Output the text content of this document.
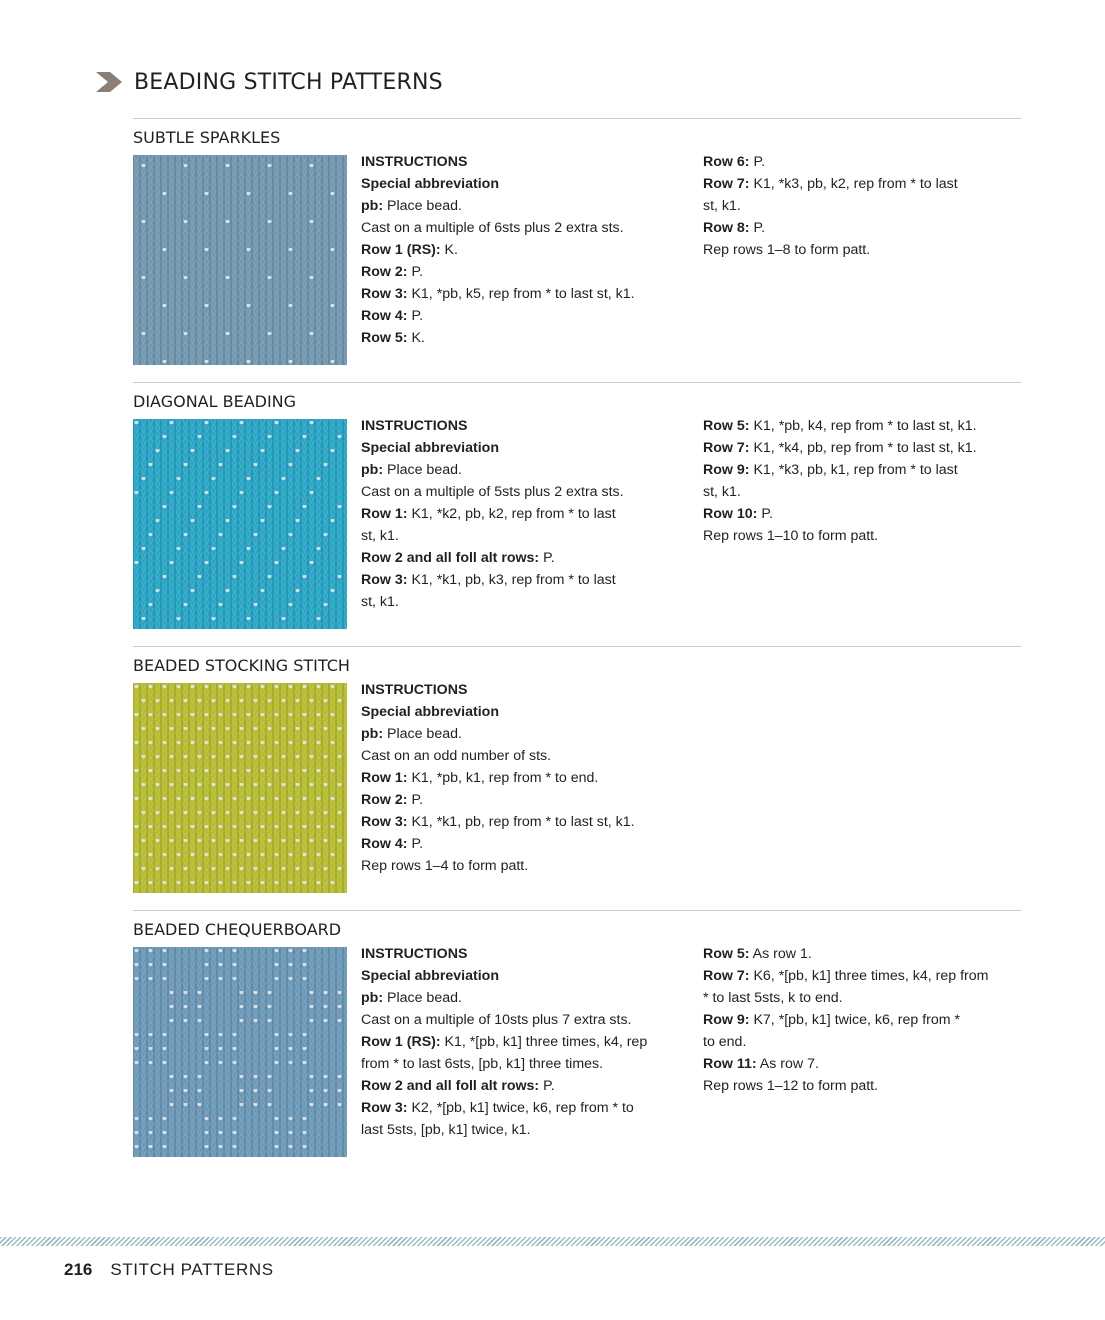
BEADING STITCH PATTERNS
SUBTLE SPARKLES
INSTRUCTIONS
Special abbreviation
pb: Place bead.
Cast on a multiple of 6sts plus 2 extra sts.
Row 1 (RS): K.
Row 2: P.
Row 3: K1, *pb, k5, rep from * to last st, k1.
Row 4: P.
Row 5: K.
Row 6: P.
Row 7: K1, *k3, pb, k2, rep from * to last
st, k1.
Row 8: P.
Rep rows 1–8 to form patt.
DIAGONAL BEADING
INSTRUCTIONS
Special abbreviation
pb: Place bead.
Cast on a multiple of 5sts plus 2 extra sts.
Row 1: K1, *k2, pb, k2, rep from * to last
st, k1.
Row 2 and all foll alt rows: P.
Row 3: K1, *k1, pb, k3, rep from * to last
st, k1.
Row 5: K1, *pb, k4, rep from * to last st, k1.
Row 7: K1, *k4, pb, rep from * to last st, k1.
Row 9: K1, *k3, pb, k1, rep from * to last
st, k1.
Row 10: P.
Rep rows 1–10 to form patt.
BEADED STOCKING STITCH
INSTRUCTIONS
Special abbreviation
pb: Place bead.
Cast on an odd number of sts.
Row 1: K1, *pb, k1, rep from * to end.
Row 2: P.
Row 3: K1, *k1, pb, rep from * to last st, k1.
Row 4: P.
Rep rows 1–4 to form patt.
BEADED CHEQUERBOARD
INSTRUCTIONS
Special abbreviation
pb: Place bead.
Cast on a multiple of 10sts plus 7 extra sts.
Row 1 (RS): K1, *[pb, k1] three times, k4, rep
from * to last 6sts, [pb, k1] three times.
Row 2 and all foll alt rows: P.
Row 3: K2, *[pb, k1] twice, k6, rep from * to
last 5sts, [pb, k1] twice, k1.
Row 5: As row 1.
Row 7: K6, *[pb, k1] three times, k4, rep from
* to last 5sts, k to end.
Row 9: K7, *[pb, k1] twice, k6, rep from *
to end.
Row 11: As row 7.
Rep rows 1–12 to form patt.
216 STITCH PATTERNS
